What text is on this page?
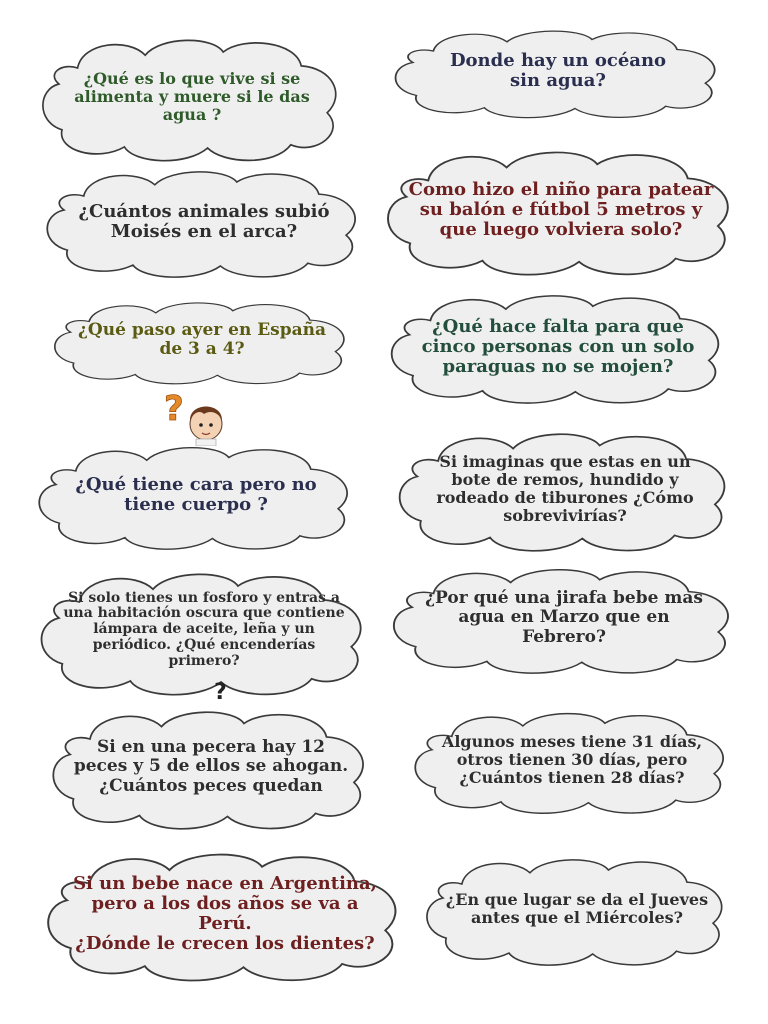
¿Qué es lo que vive si se
alimenta y muere si le das
agua ?
Donde hay un océano
sin agua?
¿Cuántos animales subió
Moisés en el arca?
Como hizo el niño para patear
su balón e fútbol 5 metros y
que luego volviera solo?
¿Qué paso ayer en España
de 3 a 4?
¿Qué hace falta para que
cinco personas con un solo
paraguas no se mojen?
?
¿Qué tiene cara pero no
tiene cuerpo ?
Si imaginas que estas en un
bote de remos, hundido y
rodeado de tiburones ¿Cómo
sobrevivirías?
Si solo tienes un fosforo y entras a
una habitación oscura que contiene
lámpara de aceite, leña y un
periódico. ¿Qué encenderías
primero?
?
¿Por qué una jirafa bebe mas
agua en Marzo que en
Febrero?
Si en una pecera hay 12
peces y 5 de ellos se ahogan.
¿Cuántos peces quedan
Algunos meses tiene 31 días,
otros tienen 30 días, pero
¿Cuántos tienen 28 días?
Si un bebe nace en Argentina,
pero a los dos años se va a Perú.
¿Dónde le crecen los dientes?
¿En que lugar se da el Jueves
antes que el Miércoles?
